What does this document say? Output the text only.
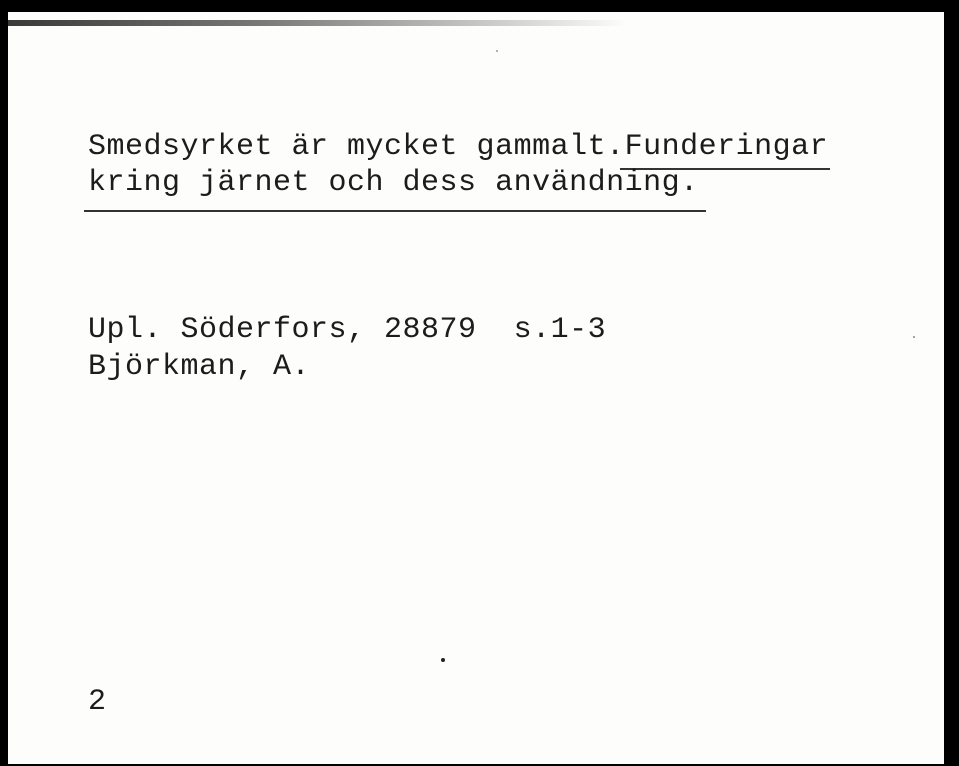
Smedsyrket är mycket gammalt.Funderingar
kring järnet och dess användning.
Upl. Söderfors, 28879  s.1-3
Björkman, A.
2
